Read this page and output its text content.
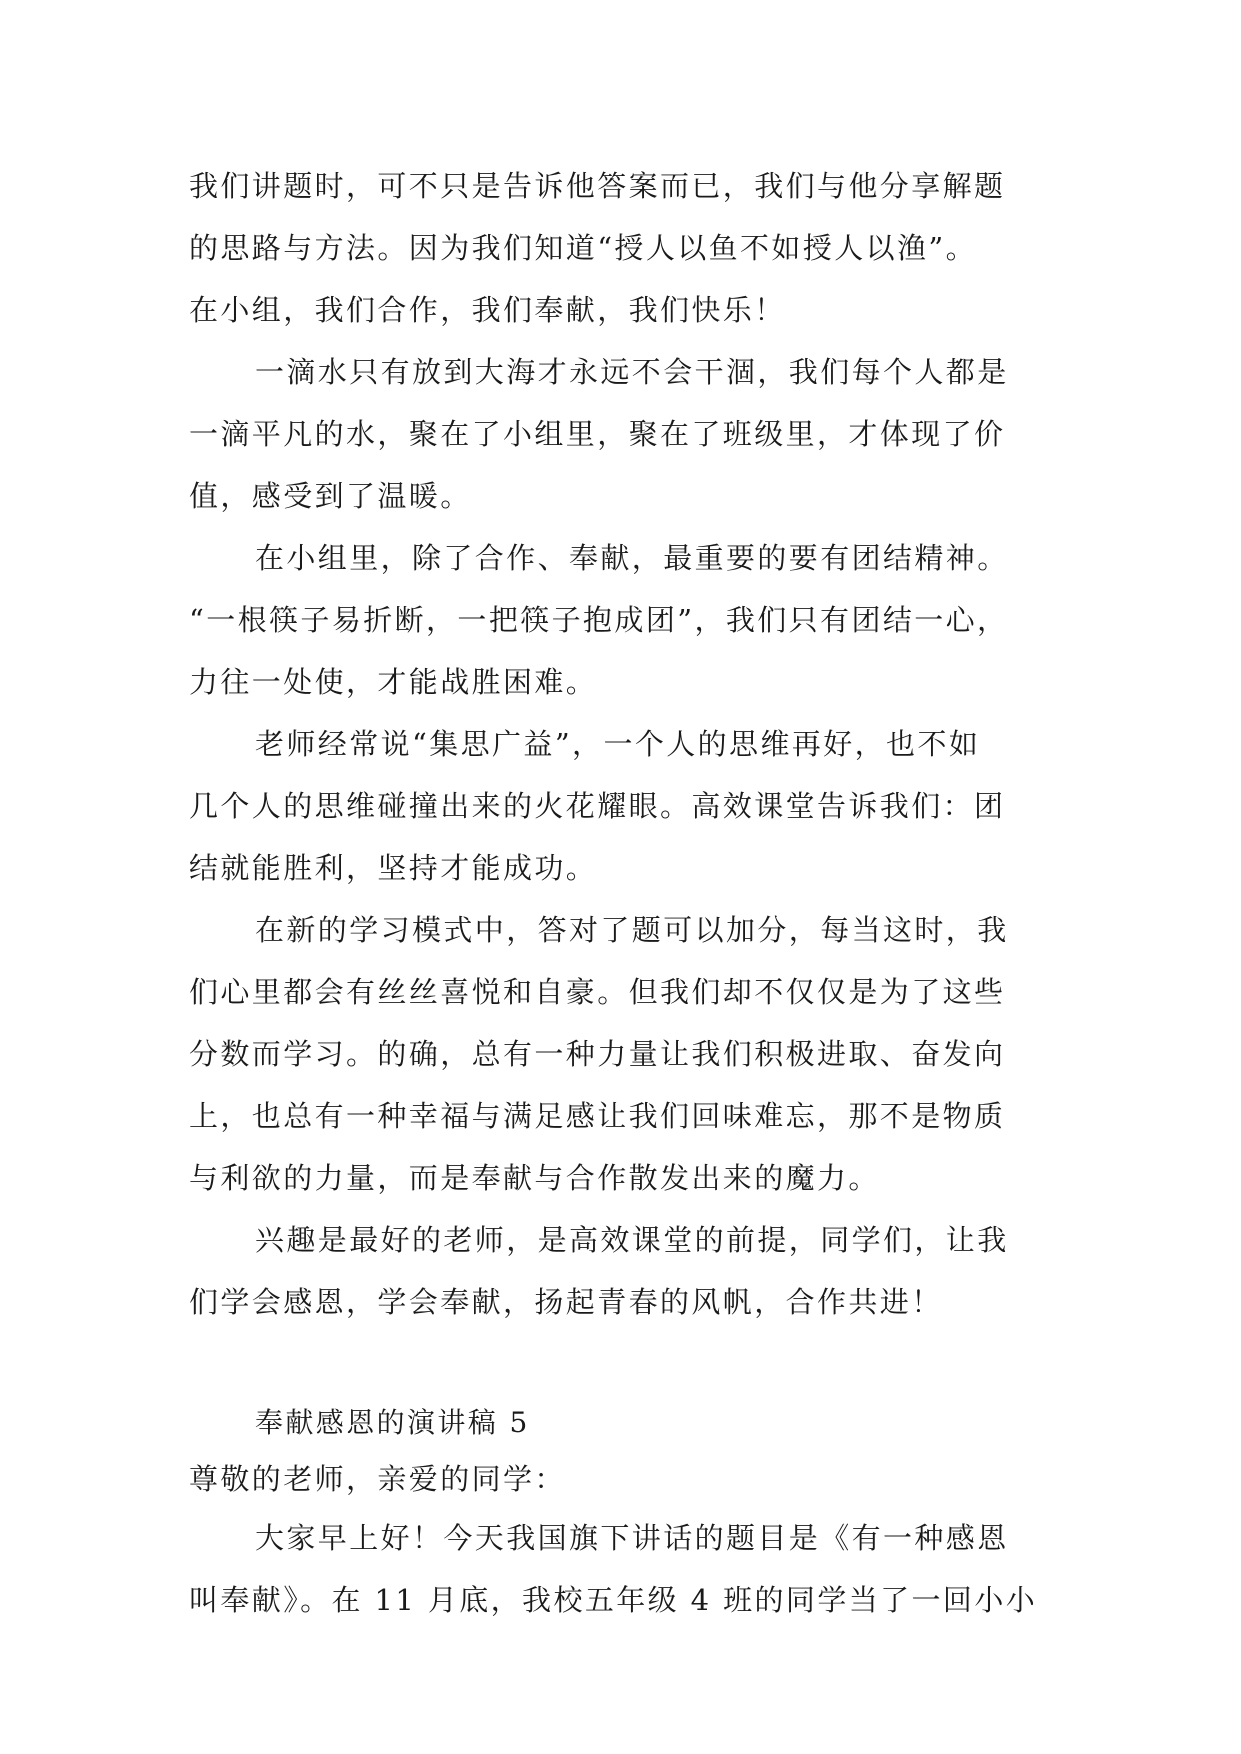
我们讲题时，可不只是告诉他答案而已，我们与他分享解题
的思路与方法。因为我们知道“授人以鱼不如授人以渔”。
在小组，我们合作，我们奉献，我们快乐！
一滴水只有放到大海才永远不会干涸，我们每个人都是
一滴平凡的水，聚在了小组里，聚在了班级里，才体现了价
值，感受到了温暖。
在小组里，除了合作、奉献，最重要的要有团结精神。
“一根筷子易折断，一把筷子抱成团”，我们只有团结一心，
力往一处使，才能战胜困难。
老师经常说“集思广益”，一个人的思维再好，也不如
几个人的思维碰撞出来的火花耀眼。高效课堂告诉我们：团
结就能胜利，坚持才能成功。
在新的学习模式中，答对了题可以加分，每当这时，我
们心里都会有丝丝喜悦和自豪。但我们却不仅仅是为了这些
分数而学习。的确，总有一种力量让我们积极进取、奋发向
上，也总有一种幸福与满足感让我们回味难忘，那不是物质
与利欲的力量，而是奉献与合作散发出来的魔力。
兴趣是最好的老师，是高效课堂的前提，同学们，让我
们学会感恩，学会奉献，扬起青春的风帆，合作共进！
奉献感恩的演讲稿 5
尊敬的老师，亲爱的同学：
大家早上好！今天我国旗下讲话的题目是《有一种感恩
叫奉献》。在 11 月底，我校五年级 4 班的同学当了一回小小
